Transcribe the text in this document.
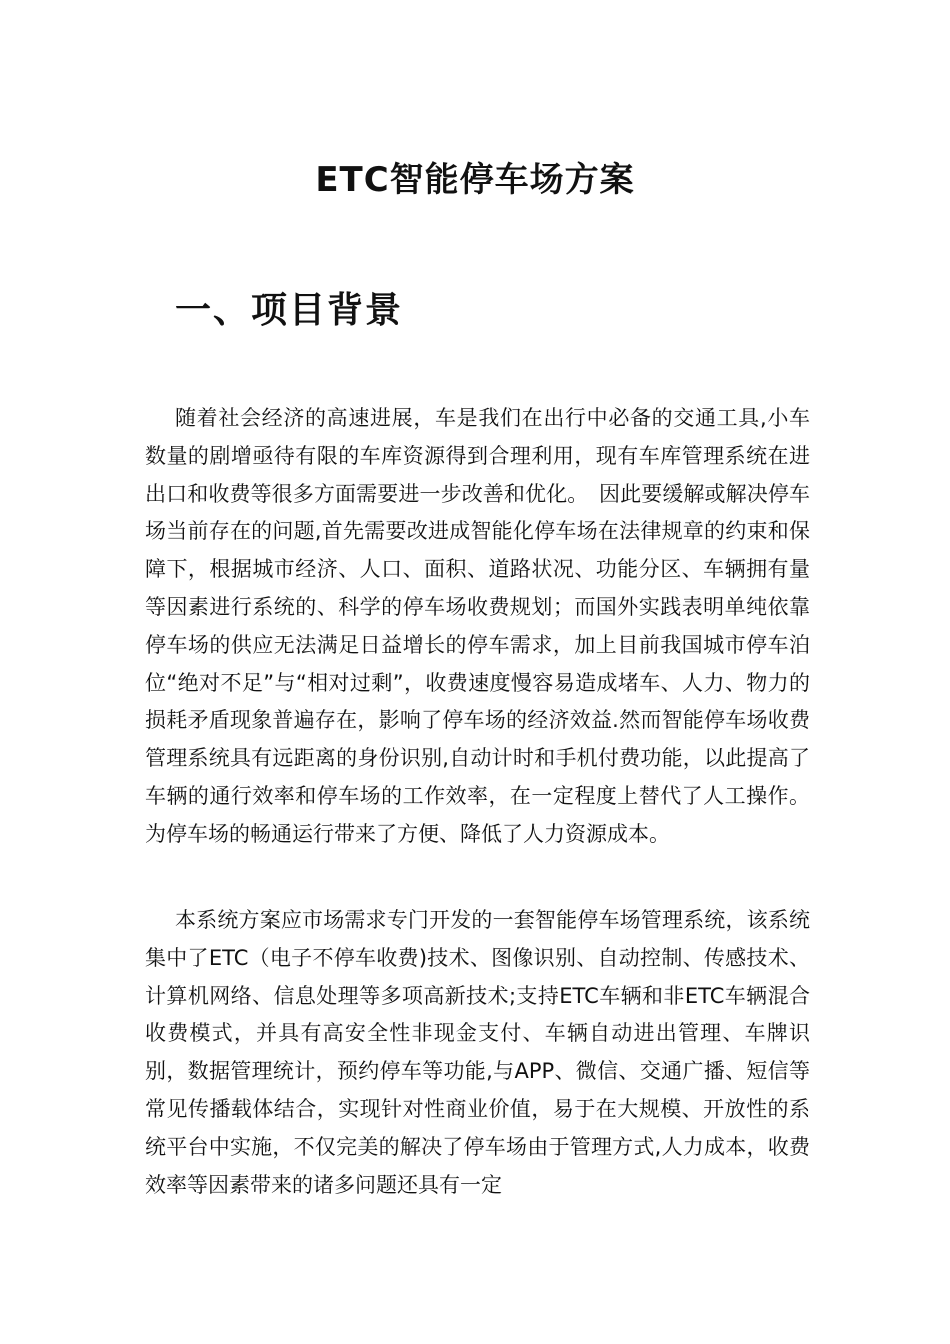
ETC智能停车场方案
一、项目背景

随着社会经济的高速进展，车是我们在出行中必备的交通工具,小车数量的剧增亟待有限的车库资源得到合理利用，现有车库管理系统在进出口和收费等很多方面需要进一步改善和优化。　因此要缓解或解决停车场当前存在的问题,首先需要改进成智能化停车场在法律规章的约束和保障下，根据城市经济、人口、面积、道路状况、功能分区、车辆拥有量等因素进行系统的、科学的停车场收费规划；而国外实践表明单纯依靠停车场的供应无法满足日益增长的停车需求，加上目前我国城市停车泊位“绝对不足”与“相对过剩”，收费速度慢容易造成堵车、人力、物力的损耗矛盾现象普遍存在，影响了停车场的经济效益.然而智能停车场收费管理系统具有远距离的身份识别,自动计时和手机付费功能，以此提高了车辆的通行效率和停车场的工作效率，在一定程度上替代了人工操作。为停车场的畅通运行带来了方便、降低了人力资源成本。

本系统方案应市场需求专门开发的一套智能停车场管理系统，该系统集中了ETC（电子不停车收费)技术、图像识别、自动控制、传感技术、计算机网络、信息处理等多项高新技术;支持ETC车辆和非ETC车辆混合收费模式，并具有高安全性非现金支付、车辆自动进出管理、车牌识别，数据管理统计，预约停车等功能,与APP、微信、交通广播、短信等常见传播载体结合，实现针对性商业价值，易于在大规模、开放性的系统平台中实施，不仅完美的解决了停车场由于管理方式,人力成本，收费效率等因素带来的诸多问题还具有一定
